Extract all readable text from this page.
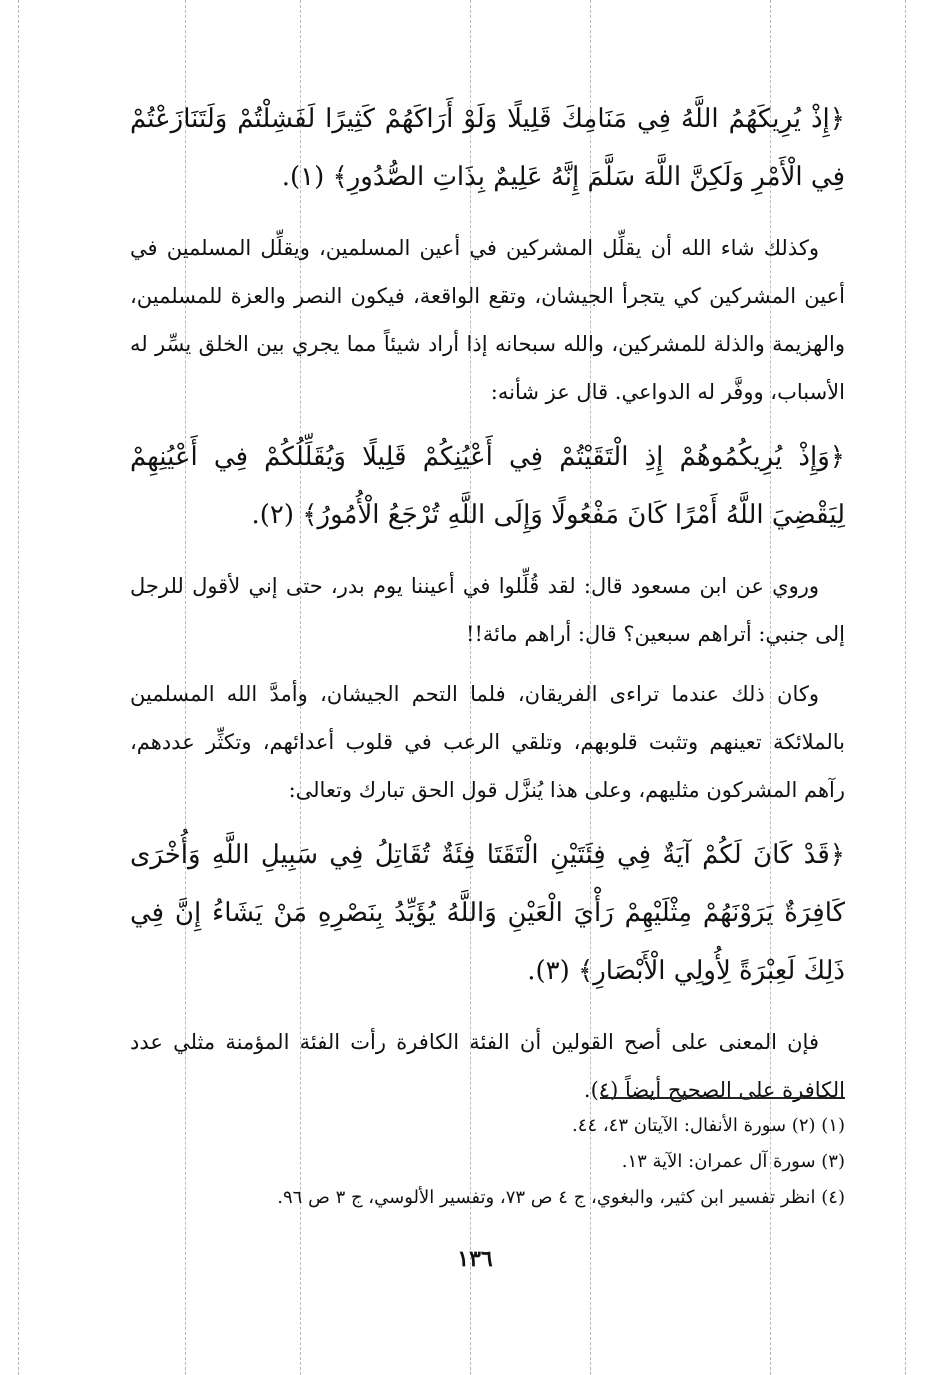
﴿إِذْ يُرِيكَهُمُ اللَّهُ فِي مَنَامِكَ قَلِيلًا وَلَوْ أَرَاكَهُمْ كَثِيرًا لَفَشِلْتُمْ وَلَتَنَازَعْتُمْ فِي الْأَمْرِ وَلَكِنَّ اللَّهَ سَلَّمَ إِنَّهُ عَلِيمٌ بِذَاتِ الصُّدُورِ﴾ (١).

وكذلك شاء الله أن يقلِّل المشركين في أعين المسلمين، ويقلِّل المسلمين في أعين المشركين كي يتجرأ الجيشان، وتقع الواقعة، فيكون النصر والعزة للمسلمين، والهزيمة والذلة للمشركين، والله سبحانه إذا أراد شيئاً مما يجري بين الخلق يسِّر له الأسباب، ووفَّر له الدواعي. قال عز شأنه:

﴿وَإِذْ يُرِيكُمُوهُمْ إِذِ الْتَقَيْتُمْ فِي أَعْيُنِكُمْ قَلِيلًا وَيُقَلِّلُكُمْ فِي أَعْيُنِهِمْ لِيَقْضِيَ اللَّهُ أَمْرًا كَانَ مَفْعُولًا وَإِلَى اللَّهِ تُرْجَعُ الْأُمُورُ﴾ (٢).

وروي عن ابن مسعود قال: لقد قُلِّلوا في أعيننا يوم بدر، حتى إني لأقول للرجل إلى جنبي: أتراهم سبعين؟ قال: أراهم مائة!!

وكان ذلك عندما تراءى الفريقان، فلما التحم الجيشان، وأمدَّ الله المسلمين بالملائكة تعينهم وتثبت قلوبهم، وتلقي الرعب في قلوب أعدائهم، وتكثِّر عددهم، رآهم المشركون مثليهم، وعلى هذا يُنزَّل قول الحق تبارك وتعالى:

﴿قَدْ كَانَ لَكُمْ آيَةٌ فِي فِئَتَيْنِ الْتَقَتَا فِئَةٌ تُقَاتِلُ فِي سَبِيلِ اللَّهِ وَأُخْرَى كَافِرَةٌ يَرَوْنَهُمْ مِثْلَيْهِمْ رَأْيَ الْعَيْنِ وَاللَّهُ يُؤَيِّدُ بِنَصْرِهِ مَنْ يَشَاءُ إِنَّ فِي ذَلِكَ لَعِبْرَةً لِأُولِي الْأَبْصَارِ﴾ (٣).

فإن المعنى على أصح القولين أن الفئة الكافرة رأت الفئة المؤمنة مثلي عدد الكافرة على الصحيح أيضاً (٤).

(١) (٢) سورة الأنفال: الآيتان ٤٣، ٤٤.

(٣) سورة آل عمران: الآية ١٣.

(٤) انظر تفسير ابن كثير، والبغوي، ج ٤ ص ٧٣، وتفسير الألوسي، ج ٣ ص ٩٦.

١٣٦
